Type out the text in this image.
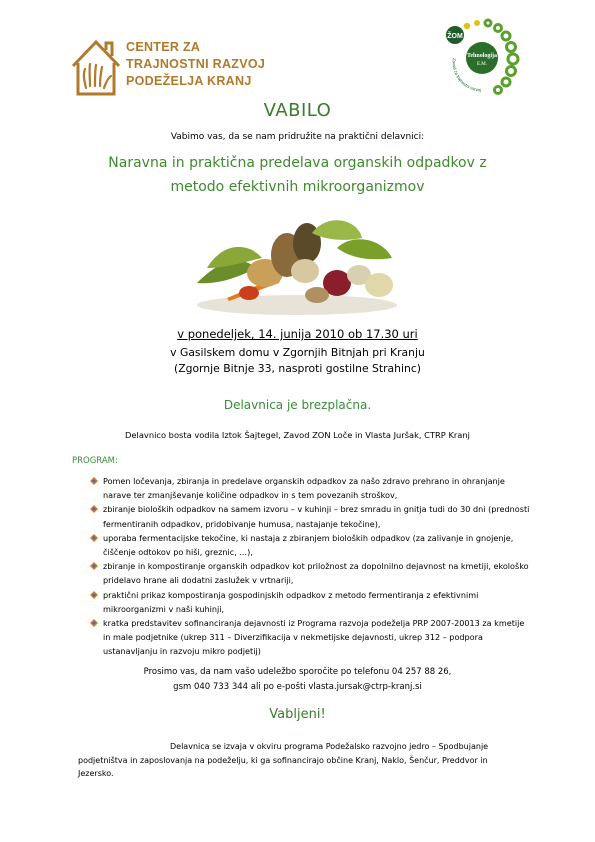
CENTER ZA
TRAJNOSTNI RAZVOJ
PODEŽELJA KRANJ
ŽOM
Tehnologija
E.M.
Zavod za trajnostni razvoj
VABILO
Vabimo vas, da se nam pridružite na praktični delavnici:
Naravna in praktična predelava organskih odpadkov z
metodo efektivnih mikroorganizmov
v ponedeljek, 14. junija 2010 ob 17.30 uri
v Gasilskem domu v Zgornjih Bitnjah pri Kranju
(Zgornje Bitnje 33, nasproti gostilne Strahinc)
Delavnica je brezplačna.
Delavnico bosta vodila Iztok Šajtegel, Zavod ZON Loče in Vlasta Juršak, CTRP Kranj
PROGRAM:
Pomen ločevanja, zbiranja in predelave organskih odpadkov za našo zdravo prehrano in ohranjanje narave ter zmanjševanje količine odpadkov in s tem povezanih stroškov,
zbiranje bioloških odpadkov na samem izvoru – v kuhinji – brez smradu in gnitja tudi do 30 dni (prednosti fermentiranih odpadkov, pridobivanje humusa, nastajanje tekočine),
uporaba fermentacijske tekočine, ki nastaja z zbiranjem bioloških odpadkov (za zalivanje in gnojenje, čiščenje odtokov po hiši, greznic, ...),
zbiranje in kompostiranje organskih odpadkov kot priložnost za dopolnilno dejavnost na kmetiji, ekološko pridelavo hrane ali dodatni zaslužek v vrtnariji,
praktični prikaz kompostiranja gospodinjskih odpadkov z metodo fermentiranja z efektivnimi mikroorganizmi v naši kuhinji,
kratka predstavitev sofinanciranja dejavnosti iz Programa razvoja podeželja PRP 2007-20013 za kmetije in male podjetnike (ukrep 311 – Diverzifikacija v nekmetijske dejavnosti, ukrep 312 – podpora ustanavljanju in razvoju mikro podjetij)
Prosimo vas, da nam vašo udeležbo sporočite po telefonu 04 257 88 26,
gsm 040 733 344 ali po e-pošti vlasta.jursak@ctrp-kranj.si
Vabljeni!
Delavnica se izvaja v okviru programa Podežalsko razvojno jedro – Spodbujanje podjetništva in zaposlovanja na podeželju, ki ga sofinancirajo občine Kranj, Naklo, Šenčur, Preddvor in Jezersko.
